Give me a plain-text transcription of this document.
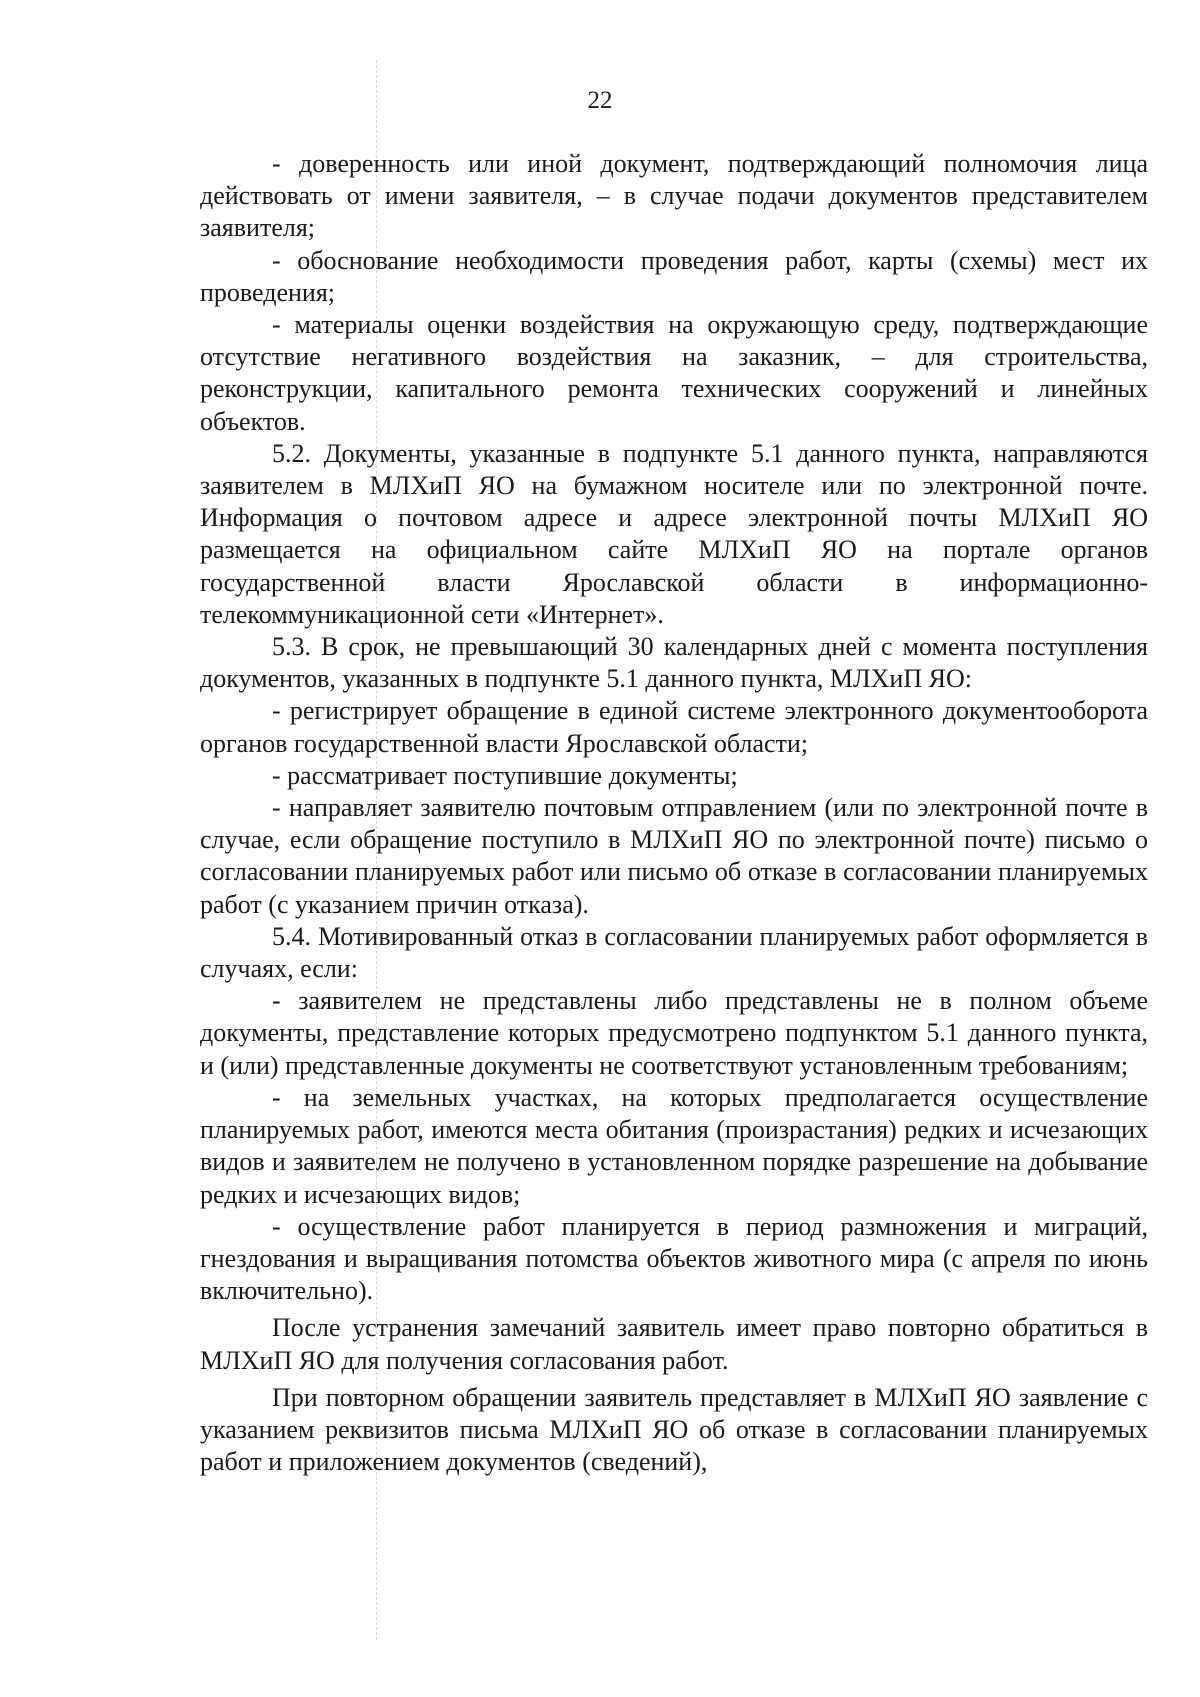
22

- доверенность или иной документ, подтверждающий полномочия лица действовать от имени заявителя, – в случае подачи документов представителем заявителя;

- обоснование необходимости проведения работ, карты (схемы) мест их проведения;

- материалы оценки воздействия на окружающую среду, подтверждающие отсутствие негативного воздействия на заказник, – для строительства, реконструкции, капитального ремонта технических сооружений и линейных объектов.

5.2. Документы, указанные в подпункте 5.1 данного пункта, направляются заявителем в МЛХиП ЯО на бумажном носителе или по электронной почте. Информация о почтовом адресе и адресе электронной почты МЛХиП ЯО размещается на официальном сайте МЛХиП ЯО на портале органов государственной власти Ярославской области в информационно-телекоммуникационной сети «Интернет».

5.3. В срок, не превышающий 30 календарных дней с момента поступления документов, указанных в подпункте 5.1 данного пункта, МЛХиП ЯО:

- регистрирует обращение в единой системе электронного документооборота органов государственной власти Ярославской области;

- рассматривает поступившие документы;

- направляет заявителю почтовым отправлением (или по электронной почте в случае, если обращение поступило в МЛХиП ЯО по электронной почте) письмо о согласовании планируемых работ или письмо об отказе в согласовании планируемых работ (с указанием причин отказа).

5.4. Мотивированный отказ в согласовании планируемых работ оформляется в случаях, если:

- заявителем не представлены либо представлены не в полном объеме документы, представление которых предусмотрено подпунктом 5.1 данного пункта, и (или) представленные документы не соответствуют установленным требованиям;

- на земельных участках, на которых предполагается осуществление планируемых работ, имеются места обитания (произрастания) редких и исчезающих видов и заявителем не получено в установленном порядке разрешение на добывание редких и исчезающих видов;

- осуществление работ планируется в период размножения и миграций, гнездования и выращивания потомства объектов животного мира (с апреля по июнь включительно).

После устранения замечаний заявитель имеет право повторно обратиться в МЛХиП ЯО для получения согласования работ.

При повторном обращении заявитель представляет в МЛХиП ЯО заявление с указанием реквизитов письма МЛХиП ЯО об отказе в согласовании планируемых работ и приложением документов (сведений),
